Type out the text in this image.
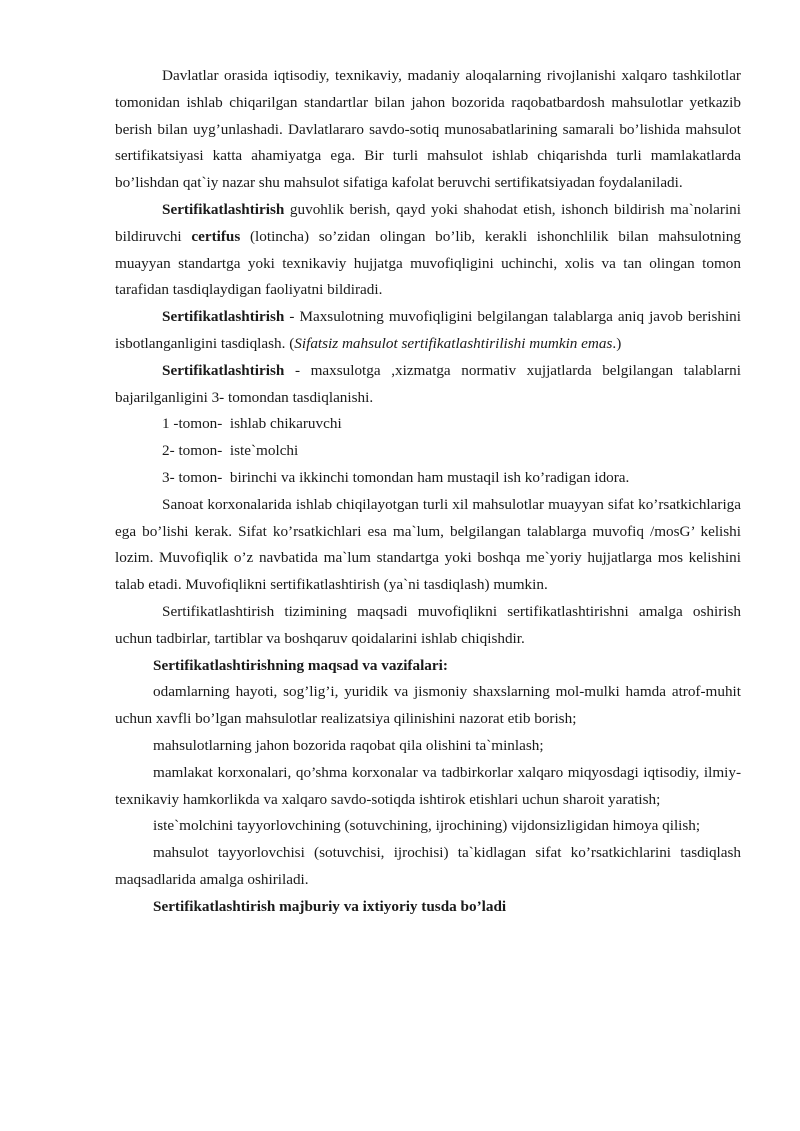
Davlatlar orasida iqtisodiy, texnikaviy, madaniy aloqalarning rivojlanishi xalqaro tashkilotlar tomonidan ishlab chiqarilgan standartlar bilan jahon bozorida raqobatbardosh mahsulotlar yetkazib berish bilan uyg’unlashadi. Davlatlararo savdo-sotiq munosabatlarining samarali bo’lishida mahsulot sertifikatsiyasi katta ahamiyatga ega. Bir turli mahsulot ishlab chiqarishda turli mamlakatlarda bo’lishdan qat`iy nazar shu mahsulot sifatiga kafolat beruvchi sertifikatsiyadan foydalaniladi.

Sertifikatlashtirish guvohlik berish, qayd yoki shahodat etish, ishonch bildirish ma`nolarini bildiruvchi certifus (lotincha) so’zidan olingan bo’lib, kerakli ishonchlilik bilan mahsulotning muayyan standartga yoki texnikaviy hujjatga muvofiqligini uchinchi, xolis va tan olingan tomon tarafidan tasdiqlaydigan faoliyatni bildiradi.

Sertifikatlashtirish - Maxsulotning muvofiqligini belgilangan talablarga aniq javob berishini isbotlanganligini tasdiqlash. (Sifatsiz mahsulot sertifikatlashtirilishi mumkin emas.)

Sertifikatlashtirish - maxsulotga ,xizmatga normativ xujjatlarda belgilangan talablarni bajarilganligini 3- tomondan tasdiqlanishi.

1 -tomon-  ishlab chikaruvchi

2- tomon-  iste`molchi

3- tomon-  birinchi va ikkinchi tomondan ham mustaqil ish ko’radigan idora.

Sanoat korxonalarida ishlab chiqilayotgan turli xil mahsulotlar muayyan sifat ko’rsatkichlariga ega bo’lishi kerak. Sifat ko’rsatkichlari esa ma`lum, belgilangan talablarga muvofiq /mosG’ kelishi lozim. Muvofiqlik o’z navbatida ma`lum standartga yoki boshqa me`yoriy hujjatlarga mos kelishini talab etadi. Muvofiqlikni sertifikatlashtirish (ya`ni tasdiqlash) mumkin.

Sertifikatlashtirish tizimining maqsadi muvofiqlikni sertifikatlashtirishni amalga oshirish uchun tadbirlar, tartiblar va boshqaruv qoidalarini ishlab chiqishdir.

Sertifikatlashtirishning maqsad va vazifalari:

odamlarning hayoti, sog’lig’i, yuridik va jismoniy shaxslarning mol-mulki hamda atrof-muhit uchun xavfli bo’lgan mahsulotlar realizatsiya qilinishini nazorat etib borish;

mahsulotlarning jahon bozorida raqobat qila olishini ta`minlash;

mamlakat korxonalari, qo’shma korxonalar va tadbirkorlar xalqaro miqyosdagi iqtisodiy, ilmiy-texnikaviy hamkorlikda va xalqaro savdo-sotiqda ishtirok etishlari uchun sharoit yaratish;

iste`molchini tayyorlovchining (sotuvchining, ijrochining) vijdonsizligidan himoya qilish;

mahsulot tayyorlovchisi (sotuvchisi, ijrochisi) ta`kidlagan sifat ko’rsatkichlarini tasdiqlash maqsadlarida amalga oshiriladi.

Sertifikatlashtirish majburiy va ixtiyoriy tusda bo’ladi
